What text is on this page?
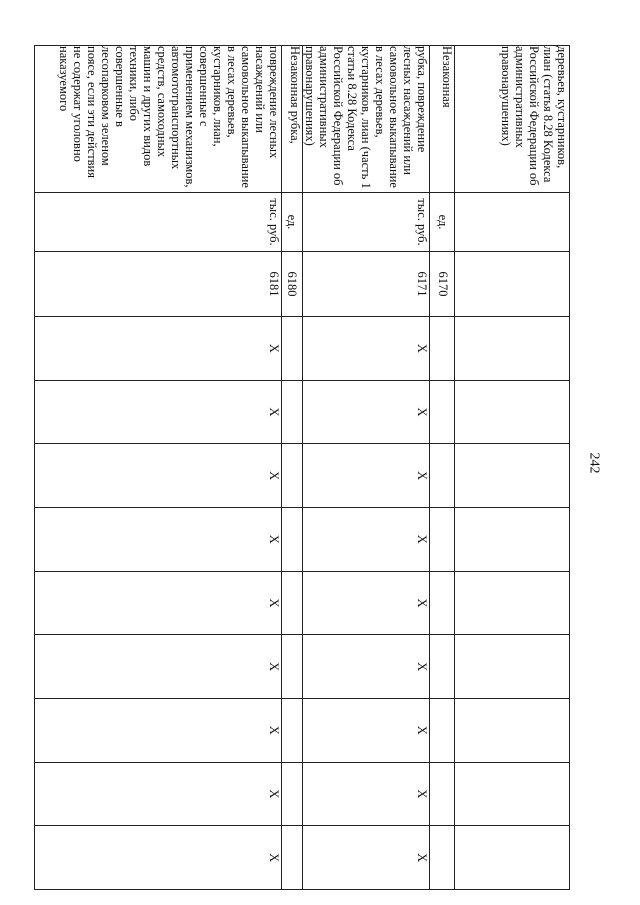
242
деревьев, кустарников, лиан (статья 8.28 Кодекса Российской Федерации об административных правонарушениях)											
Незаконная	ед.	6170									
рубка, повреждение лесных насаждений или самовольное выкапывание в лесах деревьев, кустарников, лиан (часть 1 статьи 8.28 Кодекса Российской Федерации об административных правонарушениях)	тыс. руб.	6171	X	X	X	X	X	X	X	X	X
Незаконная рубка,	ед.	6180									
повреждение лесных насаждений или самовольное выкапывание в лесах деревьев, кустарников, лиан, совершенные с применением механизмов, автомототранспортных средств, самоходных машин и других видов техники, либо совершенные в лесопарковом зеленом поясе, если эти действия не содержат уголовно наказуемого	тыс. руб.	6181	X	X	X	X	X	X	X	X	X
